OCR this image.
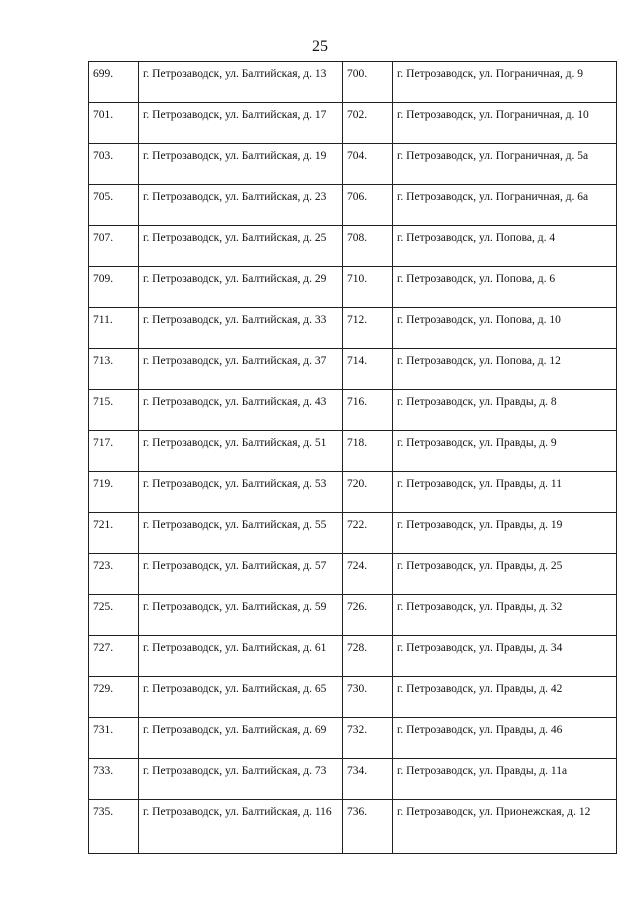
25
699.	г. Петрозаводск, ул. Балтийская, д. 13	700.	г. Петрозаводск, ул. Пограничная, д. 9
701.	г. Петрозаводск, ул. Балтийская, д. 17	702.	г. Петрозаводск, ул. Пограничная, д. 10
703.	г. Петрозаводск, ул. Балтийская, д. 19	704.	г. Петрозаводск, ул. Пограничная, д. 5а
705.	г. Петрозаводск, ул. Балтийская, д. 23	706.	г. Петрозаводск, ул. Пограничная, д. 6а
707.	г. Петрозаводск, ул. Балтийская, д. 25	708.	г. Петрозаводск, ул. Попова, д. 4
709.	г. Петрозаводск, ул. Балтийская, д. 29	710.	г. Петрозаводск, ул. Попова, д. 6
711.	г. Петрозаводск, ул. Балтийская, д. 33	712.	г. Петрозаводск, ул. Попова, д. 10
713.	г. Петрозаводск, ул. Балтийская, д. 37	714.	г. Петрозаводск, ул. Попова, д. 12
715.	г. Петрозаводск, ул. Балтийская, д. 43	716.	г. Петрозаводск, ул. Правды, д. 8
717.	г. Петрозаводск, ул. Балтийская, д. 51	718.	г. Петрозаводск, ул. Правды, д. 9
719.	г. Петрозаводск, ул. Балтийская, д. 53	720.	г. Петрозаводск, ул. Правды, д. 11
721.	г. Петрозаводск, ул. Балтийская, д. 55	722.	г. Петрозаводск, ул. Правды, д. 19
723.	г. Петрозаводск, ул. Балтийская, д. 57	724.	г. Петрозаводск, ул. Правды, д. 25
725.	г. Петрозаводск, ул. Балтийская, д. 59	726.	г. Петрозаводск, ул. Правды, д. 32
727.	г. Петрозаводск, ул. Балтийская, д. 61	728.	г. Петрозаводск, ул. Правды, д. 34
729.	г. Петрозаводск, ул. Балтийская, д. 65	730.	г. Петрозаводск, ул. Правды, д. 42
731.	г. Петрозаводск, ул. Балтийская, д. 69	732.	г. Петрозаводск, ул. Правды, д. 46
733.	г. Петрозаводск, ул. Балтийская, д. 73	734.	г. Петрозаводск, ул. Правды, д. 11а
735.	г. Петрозаводск, ул. Балтийская, д. 116	736.	г. Петрозаводск, ул. Прионежская, д. 12
